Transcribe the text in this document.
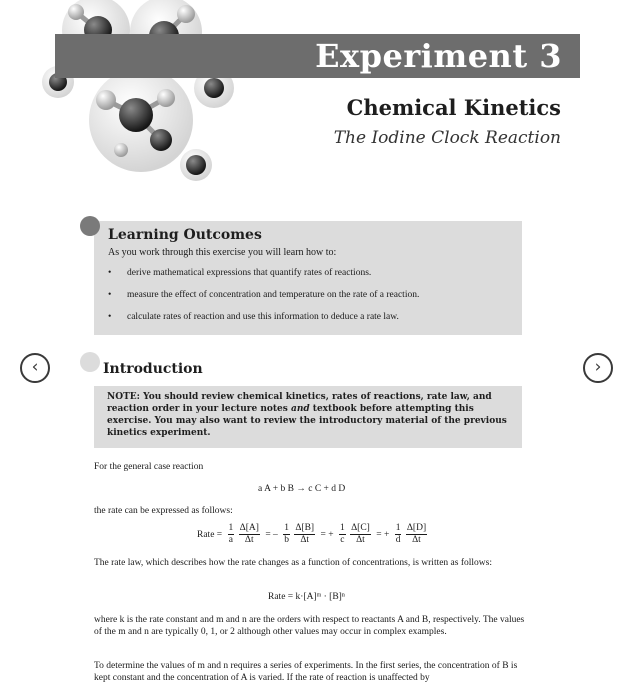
Experiment 3
Chemical Kinetics
The Iodine Clock Reaction
Learning Outcomes
As you work through this exercise you will learn how to:
• derive mathematical expressions that quantify rates of reactions.
• measure the effect of concentration and temperature on the rate of a reaction.
• calculate rates of reaction and use this information to deduce a rate law.
‹	›
Introduction
NOTE: You should review chemical kinetics, rates of reactions, rate law, and reaction order in your lecture notes and textbook before attempting this exercise. You may also want to review the introductory material of the previous kinetics experiment.
For the general case reaction
a A + b B → c C + d D
the rate can be expressed as follows:
Rate = $\frac{1}{a}$
$\frac{\Delta[A]}{\Delta t}$ = – $\frac{1}{b}$
$\frac{\Delta[B]}{\Delta t}$ = + $\frac{1}{c}$
$\frac{\Delta[C]}{\Delta t}$ = + $\frac{1}{d}$
$\frac{\Delta[D]}{\Delta t}$
The rate law, which describes how the rate changes as a function of concentrations, is written as follows:
Rate = k·[A]ᵐ · [B]ⁿ
where k is the rate constant and m and n are the orders with respect to reactants A and B, respectively. The values of the m and n are typically 0, 1, or 2 although other values may occur in complex examples.
To determine the values of m and n requires a series of experiments. In the first series, the concentration of B is kept constant and the concentration of A is varied. If the rate of reaction is unaffected by
